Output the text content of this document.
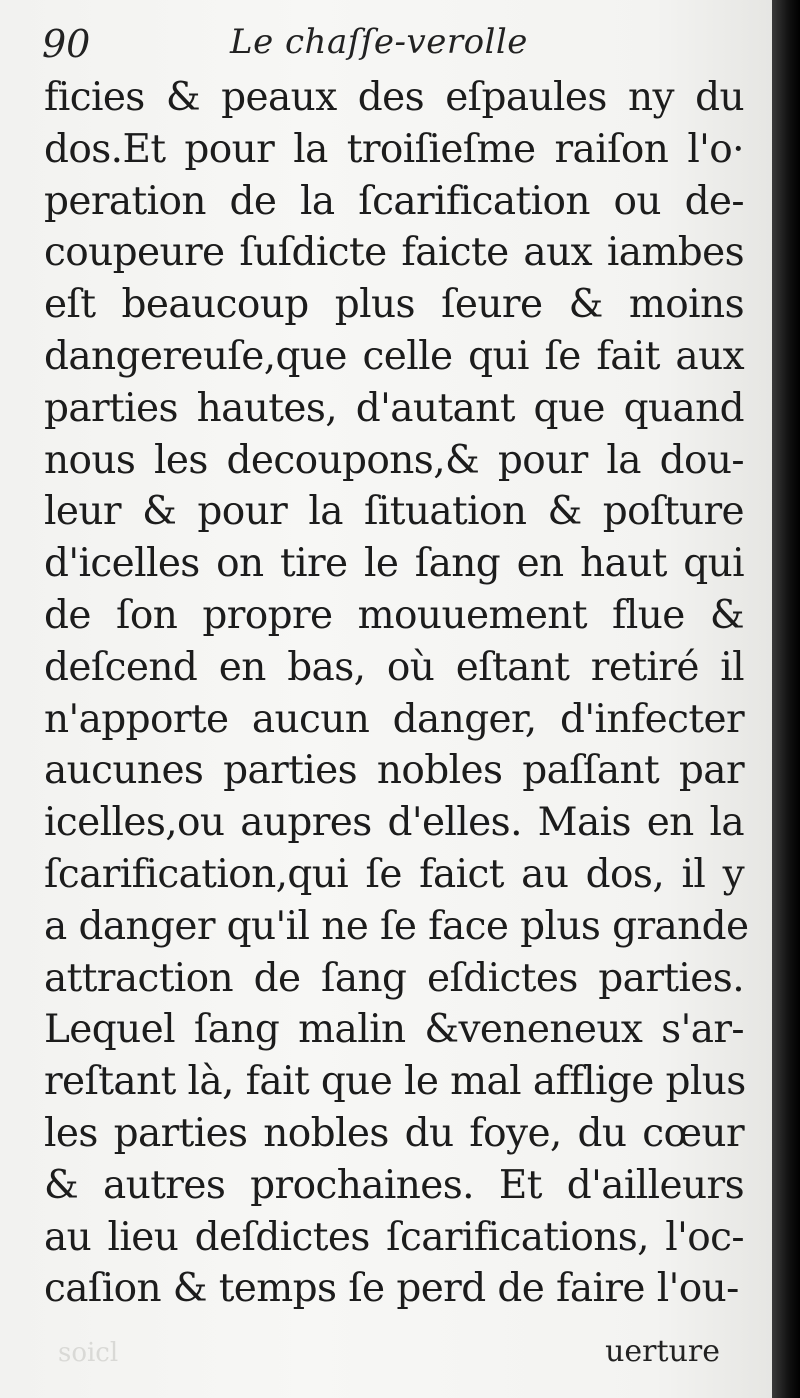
90	Le chaſſe-verolle
ficies & peaux des eſpaules ny du
dos.Et pour la troiſieſme raiſon l'o·
peration de la ſcarification ou de-
coupeure ſuſdicte faicte aux iambes
eſt beaucoup plus ſeure & moins
dangereuſe,que celle qui ſe fait aux
parties hautes, d'autant que quand
nous les decoupons,& pour la dou-
leur & pour la ſituation & poſture
d'icelles on tire le ſang en haut qui
de ſon propre mouuement flue &
deſcend en bas, où eſtant retiré il
n'apporte aucun danger, d'infecter
aucunes parties nobles paſſant par
icelles,ou aupres d'elles. Mais en la
ſcarification,qui ſe faict au dos, il y
a danger qu'il ne ſe face plus grande
attraction de ſang eſdictes parties.
Lequel ſang malin &veneneux s'ar-
reſtant là, fait que le mal afflige plus
les parties nobles du foye, du cœur
& autres prochaines. Et d'ailleurs
au lieu deſdictes ſcarifications, l'oc-
caſion & temps ſe perd de faire l'ou-
soicl	uerture
